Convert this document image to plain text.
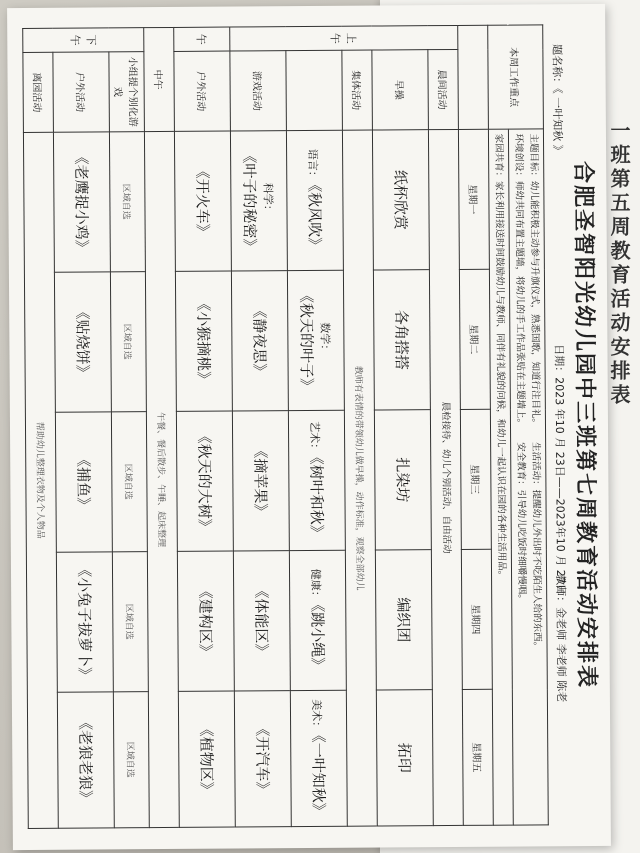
一班第五周教育活动安排表
合肥圣智阳光幼儿园中三班第七周教育活动安排表
题名称：《 一叶知秋 》
日期：2023 年10 月 23日——2023年10 月 27日
教师：金老师 李老师 陈老
本周工作重点		主题目标：幼儿能积极主动参与升旗仪式，熟悉国歌，知道行注目礼。　　生活活动：提醒幼儿外出时不吃陌生人给的东西。
环境创设：师幼共同布置主题墙，将幼儿的手工作品张贴在主题墙上。　　安全教育：引导幼儿吃饭时细嚼慢咽。				

		家园共育：家长利用接送时间鼓励幼儿与教师、同伴有礼貌的问候，和幼儿一起认识在园的各种生活用品。				
		星期一	星期二	星期三	星期四	星期五
上 午	晨间活动	晨检接待、幼儿个别活动、自由活动				
	早操	纸杯欣赏	各角搭搭	扎染坊	编织团	拓印
	集体活动	教师有表情的带领幼儿做早操，动作标准，观察全部幼儿				
		语言：《秋风吹》	数学：《秋天的叶子》	艺术：《树叶和秋》	健康：《跳小绳》	美术：《一叶知秋》
	游戏活动	科学：《叶子的秘密》	《静夜思》	《摘苹果》	《体能区》	《开汽车》
午	户外活动	《开火车》	《小猴摘桃》	《秋天的大树》	《建构区》	《植物区》
中午		午餐、餐后散步、午睡、起床整理				
下 午	小组提个别化游戏	区域自选	区域自选	区域自选	区域自选	区域自选
	户外活动	《老鹰捉小鸡》	《贴烧饼》	《捕鱼》	《小兔子拔萝卜》	《老狼老狼》
	离园活动	帮助幼儿整理衣物及个人物品				
